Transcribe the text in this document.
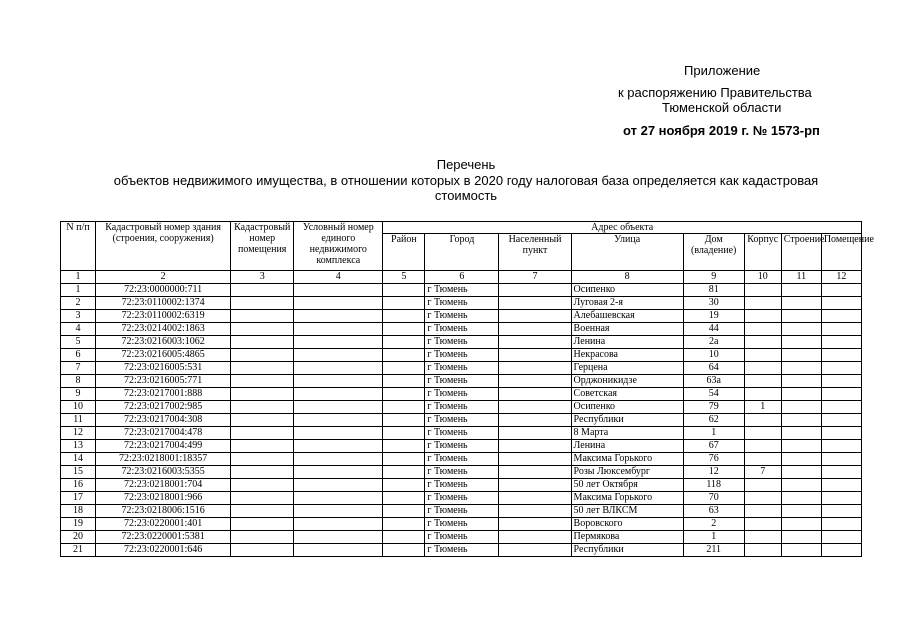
Приложение
к распоряжению Правительства
Тюменской области
от 27 ноября 2019 г. № 1573-рп
Перечень
объектов недвижимого имущества, в отношении которых в 2020 году налоговая база определяется как кадастровая
стоимость
N п/п	Кадастровый номер здания (строения, сооружения)	Кадастровый номер помещения	Условный номер единого недвижимого комплекса	Адрес объекта							
				Район	Город	Населенный пункт	Улица	Дом (владение)	Корпус	Строение	Помещение
1	2	3	4	5	6	7	8	9	10	11	12
1	72:23:0000000:711				г Тюмень		Осипенко	81			
2	72:23:0110002:1374				г Тюмень		Луговая 2-я	30			
3	72:23:0110002:6319				г Тюмень		Алебашевская	19			
4	72:23:0214002:1863				г Тюмень		Военная	44			
5	72:23:0216003:1062				г Тюмень		Ленина	2а			
6	72:23:0216005:4865				г Тюмень		Некрасова	10			
7	72:23:0216005:531				г Тюмень		Герцена	64			
8	72:23:0216005:771				г Тюмень		Орджоникидзе	63а			
9	72:23:0217001:888				г Тюмень		Советская	54			
10	72:23:0217002:985				г Тюмень		Осипенко	79	1		
11	72:23:0217004:308				г Тюмень		Республики	62			
12	72:23:0217004:478				г Тюмень		8 Марта	1			
13	72:23:0217004:499				г Тюмень		Ленина	67			
14	72:23:0218001:18357				г Тюмень		Максима Горького	76			
15	72:23:0216003:5355				г Тюмень		Розы Люксембург	12	7		
16	72:23:0218001:704				г Тюмень		50 лет Октября	118			
17	72:23:0218001:966				г Тюмень		Максима Горького	70			
18	72:23:0218006:1516				г Тюмень		50 лет ВЛКСМ	63			
19	72:23:0220001:401				г Тюмень		Воровского	2			
20	72:23:0220001:5381				г Тюмень		Пермякова	1			
21	72:23:0220001:646				г Тюмень		Республики	211			
